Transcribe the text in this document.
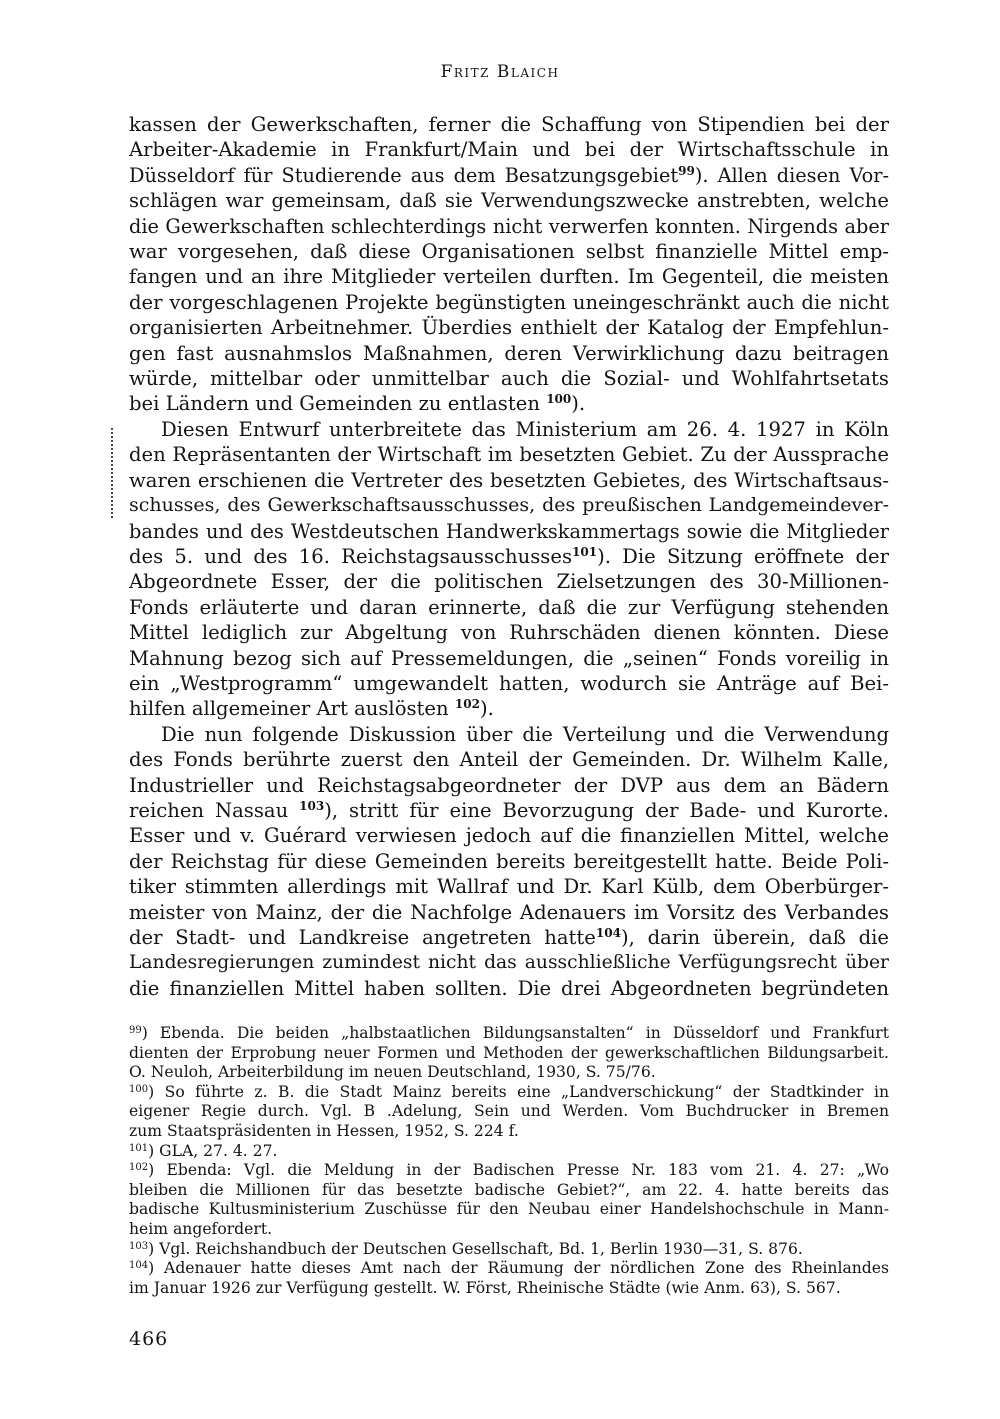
Fritz Blaich
kassen der Gewerkschaften, ferner die Schaffung von Stipendien bei der
Arbeiter-Akademie in Frankfurt/Main und bei der Wirtschaftsschule in
Düsseldorf für Studierende aus dem Besatzungsgebiet$^{99}$). Allen diesen Vor-
schlägen war gemeinsam, daß sie Verwendungszwecke anstrebten, welche
die Gewerkschaften schlechterdings nicht verwerfen konnten. Nirgends aber
war vorgesehen, daß diese Organisationen selbst finanzielle Mittel emp-
fangen und an ihre Mitglieder verteilen durften. Im Gegenteil, die meisten
der vorgeschlagenen Projekte begünstigten uneingeschränkt auch die nicht
organisierten Arbeitnehmer. Überdies enthielt der Katalog der Empfehlun-
gen fast ausnahmslos Maßnahmen, deren Verwirklichung dazu beitragen
würde, mittelbar oder unmittelbar auch die Sozial- und Wohlfahrtsetats
bei Ländern und Gemeinden zu entlasten $^{100}$).
Diesen Entwurf unterbreitete das Ministerium am 26. 4. 1927 in Köln
den Repräsentanten der Wirtschaft im besetzten Gebiet. Zu der Aussprache
waren erschienen die Vertreter des besetzten Gebietes, des Wirtschaftsaus-
schusses, des Gewerkschaftsausschusses, des preußischen Landgemeindever-
bandes und des Westdeutschen Handwerkskammertags sowie die Mitglieder
des 5. und des 16. Reichstagsausschusses$^{101}$). Die Sitzung eröffnete der
Abgeordnete Esser, der die politischen Zielsetzungen des 30-Millionen-
Fonds erläuterte und daran erinnerte, daß die zur Verfügung stehenden
Mittel lediglich zur Abgeltung von Ruhrschäden dienen könnten. Diese
Mahnung bezog sich auf Pressemeldungen, die „seinen“ Fonds voreilig in
ein „Westprogramm“ umgewandelt hatten, wodurch sie Anträge auf Bei-
hilfen allgemeiner Art auslösten $^{102}$).
Die nun folgende Diskussion über die Verteilung und die Verwendung
des Fonds berührte zuerst den Anteil der Gemeinden. Dr. Wilhelm Kalle,
Industrieller und Reichstagsabgeordneter der DVP aus dem an Bädern
reichen Nassau $^{103}$), stritt für eine Bevorzugung der Bade- und Kurorte.
Esser und v. Guérard verwiesen jedoch auf die finanziellen Mittel, welche
der Reichstag für diese Gemeinden bereits bereitgestellt hatte. Beide Poli-
tiker stimmten allerdings mit Wallraf und Dr. Karl Külb, dem Oberbürger-
meister von Mainz, der die Nachfolge Adenauers im Vorsitz des Verbandes
der Stadt- und Landkreise angetreten hatte$^{104}$), darin überein, daß die
Landesregierungen zumindest nicht das ausschließliche Verfügungsrecht über
die finanziellen Mittel haben sollten. Die drei Abgeordneten begründeten
$^{99}$) Ebenda. Die beiden „halbstaatlichen Bildungsanstalten“ in Düsseldorf und Frankfurt
dienten der Erprobung neuer Formen und Methoden der gewerkschaftlichen Bildungsarbeit.
O. Neuloh, Arbeiterbildung im neuen Deutschland, 1930, S. 75/76.
$^{100}$) So führte z. B. die Stadt Mainz bereits eine „Landverschickung“ der Stadtkinder in
eigener Regie durch. Vgl. B .Adelung, Sein und Werden. Vom Buchdrucker in Bremen
zum Staatspräsidenten in Hessen, 1952, S. 224 f.
$^{101}$) GLA, 27. 4. 27.
$^{102}$) Ebenda: Vgl. die Meldung in der Badischen Presse Nr. 183 vom 21. 4. 27: „Wo
bleiben die Millionen für das besetzte badische Gebiet?“, am 22. 4. hatte bereits das
badische Kultusministerium Zuschüsse für den Neubau einer Handelshochschule in Mann-
heim angefordert.
$^{103}$) Vgl. Reichshandbuch der Deutschen Gesellschaft, Bd. 1, Berlin 1930—31, S. 876.
$^{104}$) Adenauer hatte dieses Amt nach der Räumung der nördlichen Zone des Rheinlandes
im Januar 1926 zur Verfügung gestellt. W. Först, Rheinische Städte (wie Anm. 63), S. 567.
466
